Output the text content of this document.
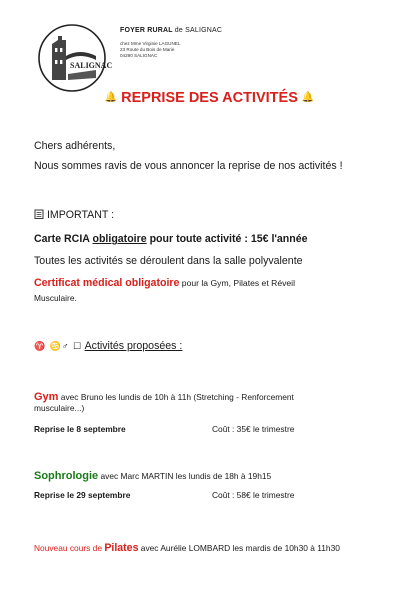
SALIGNAC
FOYER RURAL de SALIGNAC
chez Mme Virginie LAGUNEL
23 Route du Bois de Marie
04290 SALIGNAC
🔔 REPRISE DES ACTIVITÉS 🔔
Chers adhérents,
Nous sommes ravis de vous annoncer la reprise de nos activités !
IMPORTANT :
Carte RCIA obligatoire pour toute activité : 15€ l'année
Toutes les activités se déroulent dans la salle polyvalente
Certificat médical obligatoire pour la Gym, Pilates et Réveil
Musculaire.
♈ ♋♂ ☐ Activités proposées :
Gym avec Bruno les lundis de 10h à 11h (Stretching - Renforcement
musculaire...)
Reprise le 8 septembre	Coût : 35€ le trimestre
Sophrologie avec Marc MARTIN les lundis de 18h à 19h15
Reprise le 29 septembre	Coût : 58€ le trimestre
Nouveau cours de Pilates avec Aurélie LOMBARD les mardis de 10h30 à 11h30
